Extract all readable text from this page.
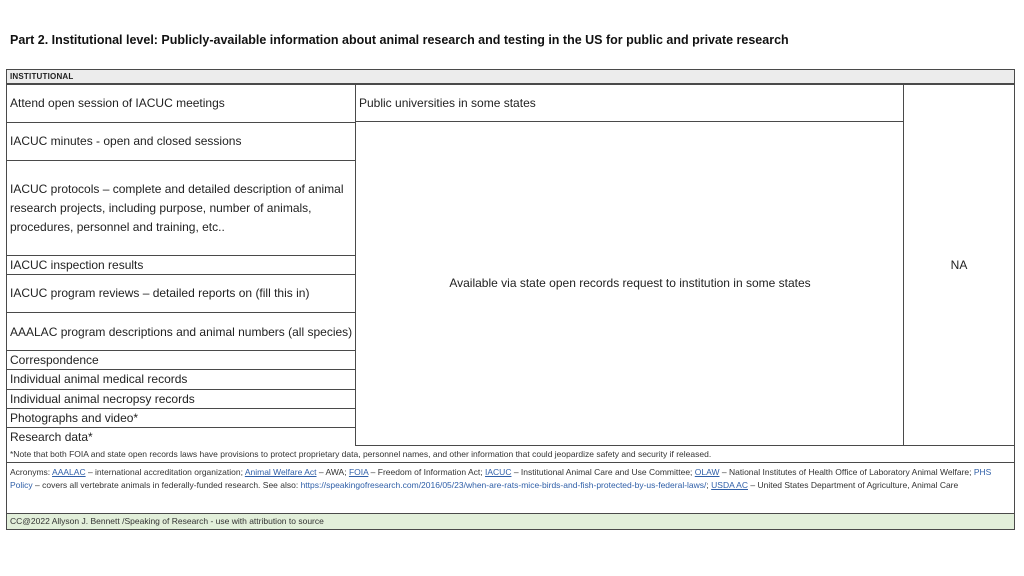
Part 2. Institutional level: Publicly-available information about animal research and testing in the US for public and private research
INSTITUTIONAL
Attend open session of IACUC meetings
IACUC minutes - open and closed sessions
IACUC protocols – complete and detailed description of animal research projects, including purpose, number of animals, procedures, personnel and training, etc..
IACUC inspection results
IACUC program reviews – detailed reports on (fill this in)
AAALAC program descriptions and animal numbers (all species)
Correspondence
Individual animal medical records
Individual animal necropsy records
Photographs and video*
Research data*
Public universities in some states
Available via state open records request to institution in some states
NA
*Note that both FOIA and state open records laws have provisions to protect proprietary data, personnel names, and other information that could jeopardize safety and security if released.
Acronyms: AAALAC – international accreditation organization; Animal Welfare Act – AWA; FOIA – Freedom of Information Act; IACUC – Institutional Animal Care and Use Committee; OLAW – National Institutes of Health Office of Laboratory Animal Welfare; PHS Policy – covers all vertebrate animals in federally-funded research. See also: https://speakingofresearch.com/2016/05/23/when-are-rats-mice-birds-and-fish-protected-by-us-federal-laws/; USDA AC – United States Department of Agriculture, Animal Care
CC@2022 Allyson J. Bennett /Speaking of Research - use with attribution to source
